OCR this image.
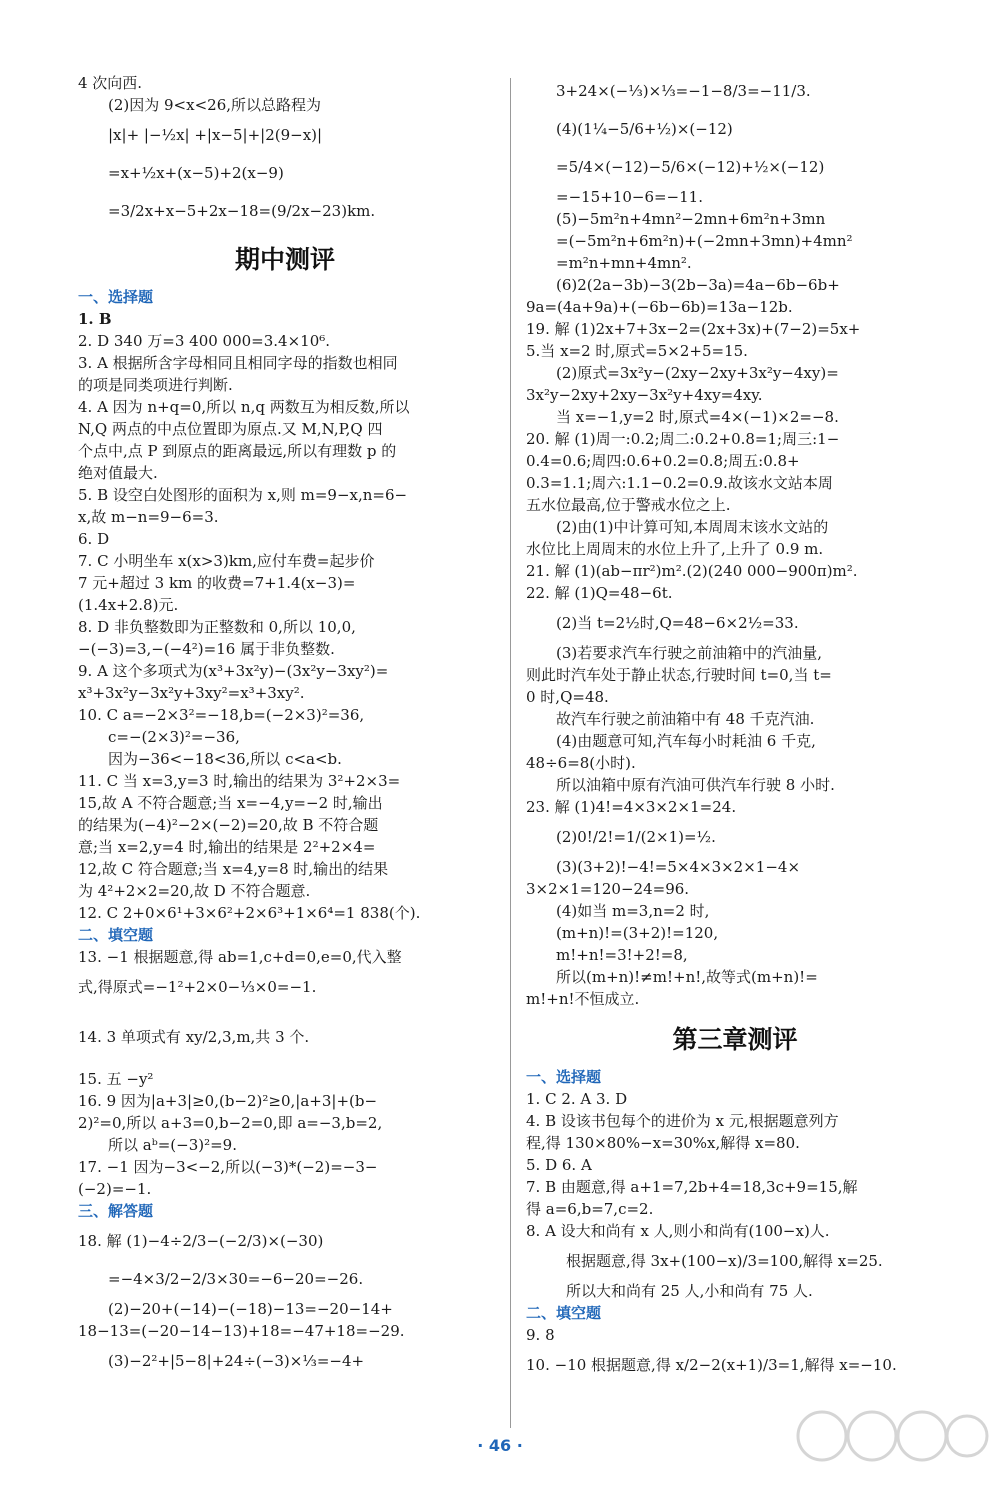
4 次向西.
(2)因为 9<x<26,所以总路程为
|x|+ |−½x| +|x−5|+|2(9−x)|
=x+½x+(x−5)+2(x−9)
=3/2x+x−5+2x−18=(9/2x−23)km.
期中测评
一、选择题
1. B
2. D 340 万=3 400 000=3.4×10⁶.
3. A 根据所含字母相同且相同字母的指数也相同
的项是同类项进行判断.
4. A 因为 n+q=0,所以 n,q 两数互为相反数,所以
N,Q 两点的中点位置即为原点.又 M,N,P,Q 四
个点中,点 P 到原点的距离最远,所以有理数 p 的
绝对值最大.
5. B 设空白处图形的面积为 x,则 m=9−x,n=6−
x,故 m−n=9−6=3.
6. D
7. C 小明坐车 x(x>3)km,应付车费=起步价
7 元+超过 3 km 的收费=7+1.4(x−3)=
(1.4x+2.8)元.
8. D 非负整数即为正整数和 0,所以 10,0,
−(−3)=3,−(−4²)=16 属于非负整数.
9. A 这个多项式为(x³+3x²y)−(3x²y−3xy²)=
x³+3x²y−3x²y+3xy²=x³+3xy².
10. C a=−2×3²=−18,b=(−2×3)²=36,
c=−(2×3)²=−36,
因为−36<−18<36,所以 c<a<b.
11. C 当 x=3,y=3 时,输出的结果为 3²+2×3=
15,故 A 不符合题意;当 x=−4,y=−2 时,输出
的结果为(−4)²−2×(−2)=20,故 B 不符合题
意;当 x=2,y=4 时,输出的结果是 2²+2×4=
12,故 C 符合题意;当 x=4,y=8 时,输出的结果
为 4²+2×2=20,故 D 不符合题意.
12. C 2+0×6¹+3×6²+2×6³+1×6⁴=1 838(个).
二、填空题
13. −1 根据题意,得 ab=1,c+d=0,e=0,代入整
式,得原式=−1²+2×0−⅓×0=−1.
14. 3 单项式有 xy/2,3,m,共 3 个.
15. 五 −y²
16. 9 因为|a+3|≥0,(b−2)²≥0,|a+3|+(b−
2)²=0,所以 a+3=0,b−2=0,即 a=−3,b=2,
所以 aᵇ=(−3)²=9.
17. −1 因为−3<−2,所以(−3)*(−2)=−3−
(−2)=−1.
三、解答题
18. 解 (1)−4÷2/3−(−2/3)×(−30)
=−4×3/2−2/3×30=−6−20=−26.
(2)−20+(−14)−(−18)−13=−20−14+
18−13=(−20−14−13)+18=−47+18=−29.
(3)−2²+|5−8|+24÷(−3)×⅓=−4+
3+24×(−⅓)×⅓=−1−8/3=−11/3.
(4)(1¼−5/6+½)×(−12)
=5/4×(−12)−5/6×(−12)+½×(−12)
=−15+10−6=−11.
(5)−5m²n+4mn²−2mn+6m²n+3mn
=(−5m²n+6m²n)+(−2mn+3mn)+4mn²
=m²n+mn+4mn².
(6)2(2a−3b)−3(2b−3a)=4a−6b−6b+
9a=(4a+9a)+(−6b−6b)=13a−12b.
19. 解 (1)2x+7+3x−2=(2x+3x)+(7−2)=5x+
5.当 x=2 时,原式=5×2+5=15.
(2)原式=3x²y−(2xy−2xy+3x²y−4xy)=
3x²y−2xy+2xy−3x²y+4xy=4xy.
当 x=−1,y=2 时,原式=4×(−1)×2=−8.
20. 解 (1)周一:0.2;周二:0.2+0.8=1;周三:1−
0.4=0.6;周四:0.6+0.2=0.8;周五:0.8+
0.3=1.1;周六:1.1−0.2=0.9.故该水文站本周
五水位最高,位于警戒水位之上.
(2)由(1)中计算可知,本周周末该水文站的
水位比上周周末的水位上升了,上升了 0.9 m.
21. 解 (1)(ab−πr²)m².(2)(240 000−900π)m².
22. 解 (1)Q=48−6t.
(2)当 t=2½时,Q=48−6×2½=33.
(3)若要求汽车行驶之前油箱中的汽油量,
则此时汽车处于静止状态,行驶时间 t=0,当 t=
0 时,Q=48.
故汽车行驶之前油箱中有 48 千克汽油.
(4)由题意可知,汽车每小时耗油 6 千克,
48÷6=8(小时).
所以油箱中原有汽油可供汽车行驶 8 小时.
23. 解 (1)4!=4×3×2×1=24.
(2)0!/2!=1/(2×1)=½.
(3)(3+2)!−4!=5×4×3×2×1−4×
3×2×1=120−24=96.
(4)如当 m=3,n=2 时,
(m+n)!=(3+2)!=120,
m!+n!=3!+2!=8,
所以(m+n)!≠m!+n!,故等式(m+n)!=
m!+n!不恒成立.
第三章测评
一、选择题
1. C 2. A 3. D
4. B 设该书包每个的进价为 x 元,根据题意列方
程,得 130×80%−x=30%x,解得 x=80.
5. D 6. A
7. B 由题意,得 a+1=7,2b+4=18,3c+9=15,解
得 a=6,b=7,c=2.
8. A 设大和尚有 x 人,则小和尚有(100−x)人.
根据题意,得 3x+(100−x)/3=100,解得 x=25.
所以大和尚有 25 人,小和尚有 75 人.
二、填空题
9. 8
10. −10 根据题意,得 x/2−2(x+1)/3=1,解得 x=−10.
· 46 ·
